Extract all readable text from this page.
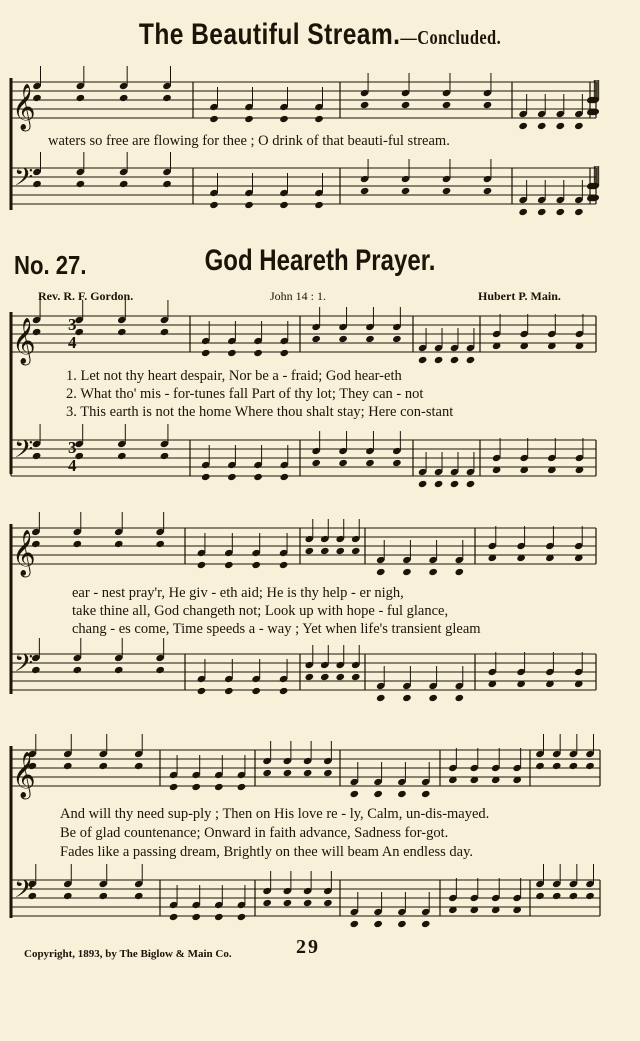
𝄞
𝄢
𝄞
𝄢
𝄞
𝄢
𝄞
𝄢
3
4
3
4
The Beautiful Stream.—Concluded.
waters so free are flowing for thee ; O drink of that beauti-ful stream.
No. 27.	God Heareth Prayer.
Rev. R. F. Gordon.	John 14 : 1.	Hubert P. Main.
1. Let not thy heart despair, Nor be a - fraid; God hear-eth
2. What tho' mis - for-tunes fall Part of thy lot; They can - not
3. This earth is not the home Where thou shalt stay; Here con-stant
ear - nest pray'r, He giv - eth aid; He is thy help - er nigh,
take thine all, God changeth not; Look up with hope - ful glance,
chang - es come, Time speeds a - way ; Yet when life's transient gleam
And will thy need sup-ply ; Then on His love re - ly, Calm, un-dis-mayed.
Be of glad countenance; Onward in faith advance, Sadness for-got.
Fades like a passing dream, Brightly on thee will beam An endless day.
Copyright, 1893, by The Biglow & Main Co.	29
